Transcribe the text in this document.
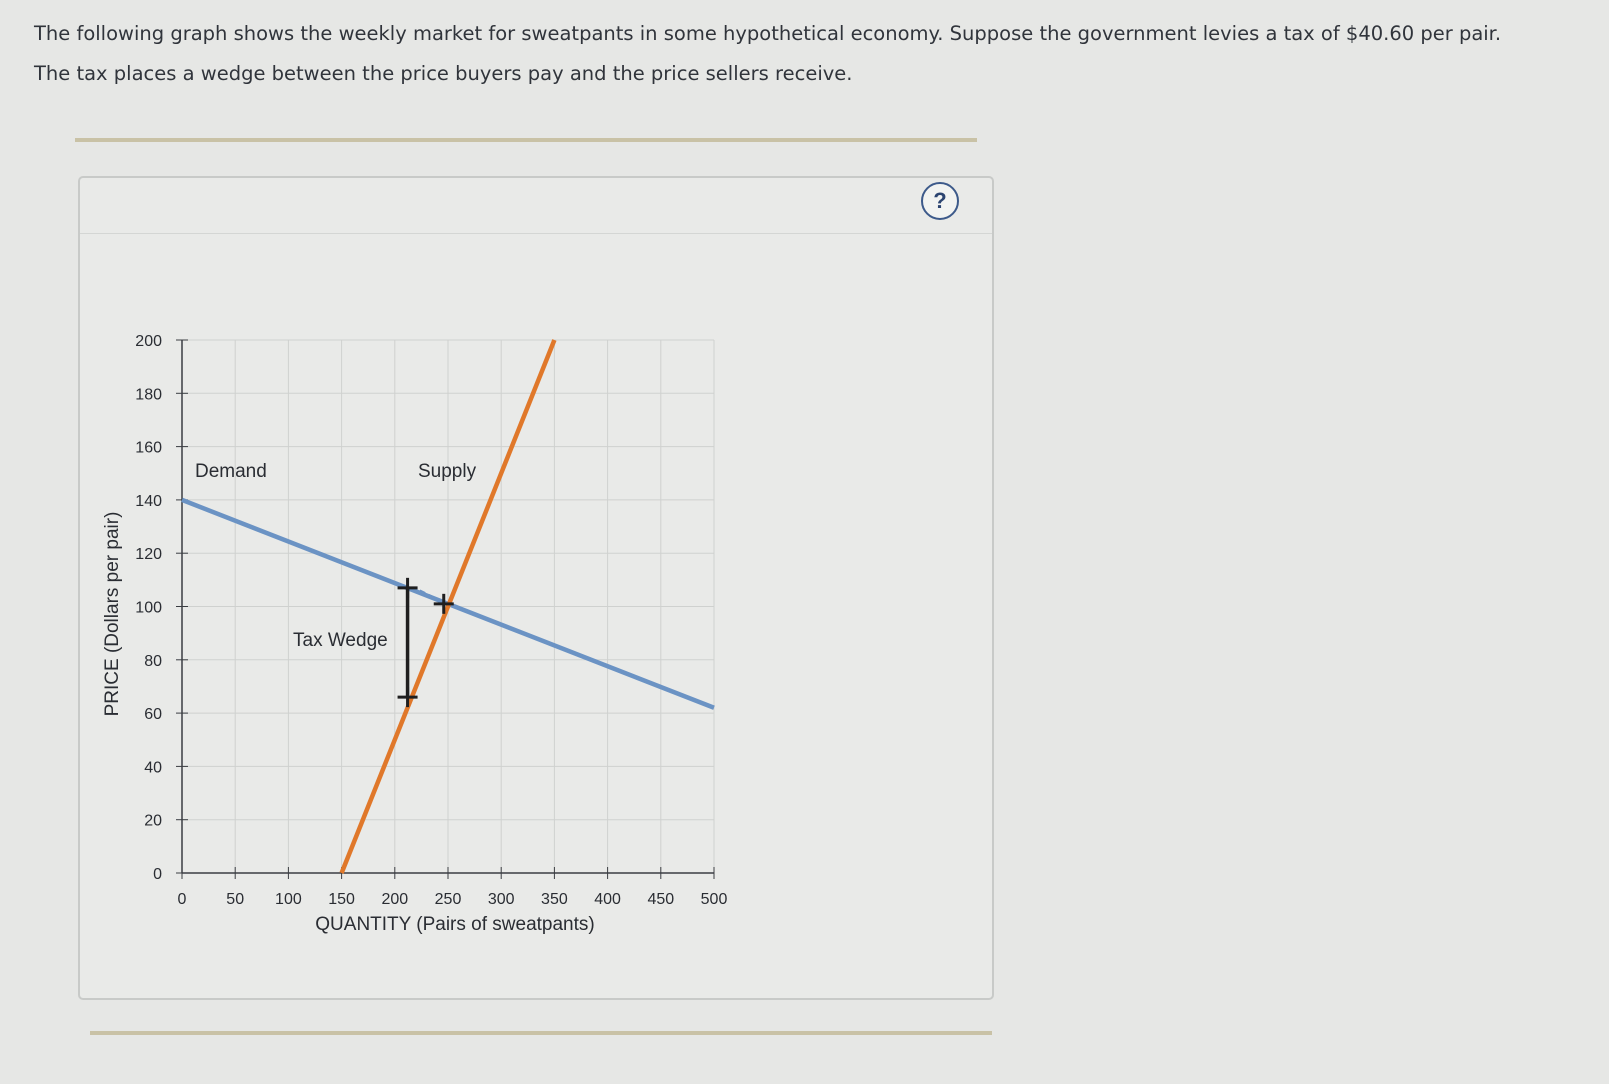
The following graph shows the weekly market for sweatpants in some hypothetical economy. Suppose the government levies a tax of $40.60 per pair.

The tax places a wedge between the price buyers pay and the price sellers receive.

?
0 50 100 150 200 250 300 350 400 450 500
0
20
40
60
80
100
120
140
160
180
200
Demand	Supply
Tax Wedge
QUANTITY (Pairs of sweatpants)
PRICE (Dollars per pair)
